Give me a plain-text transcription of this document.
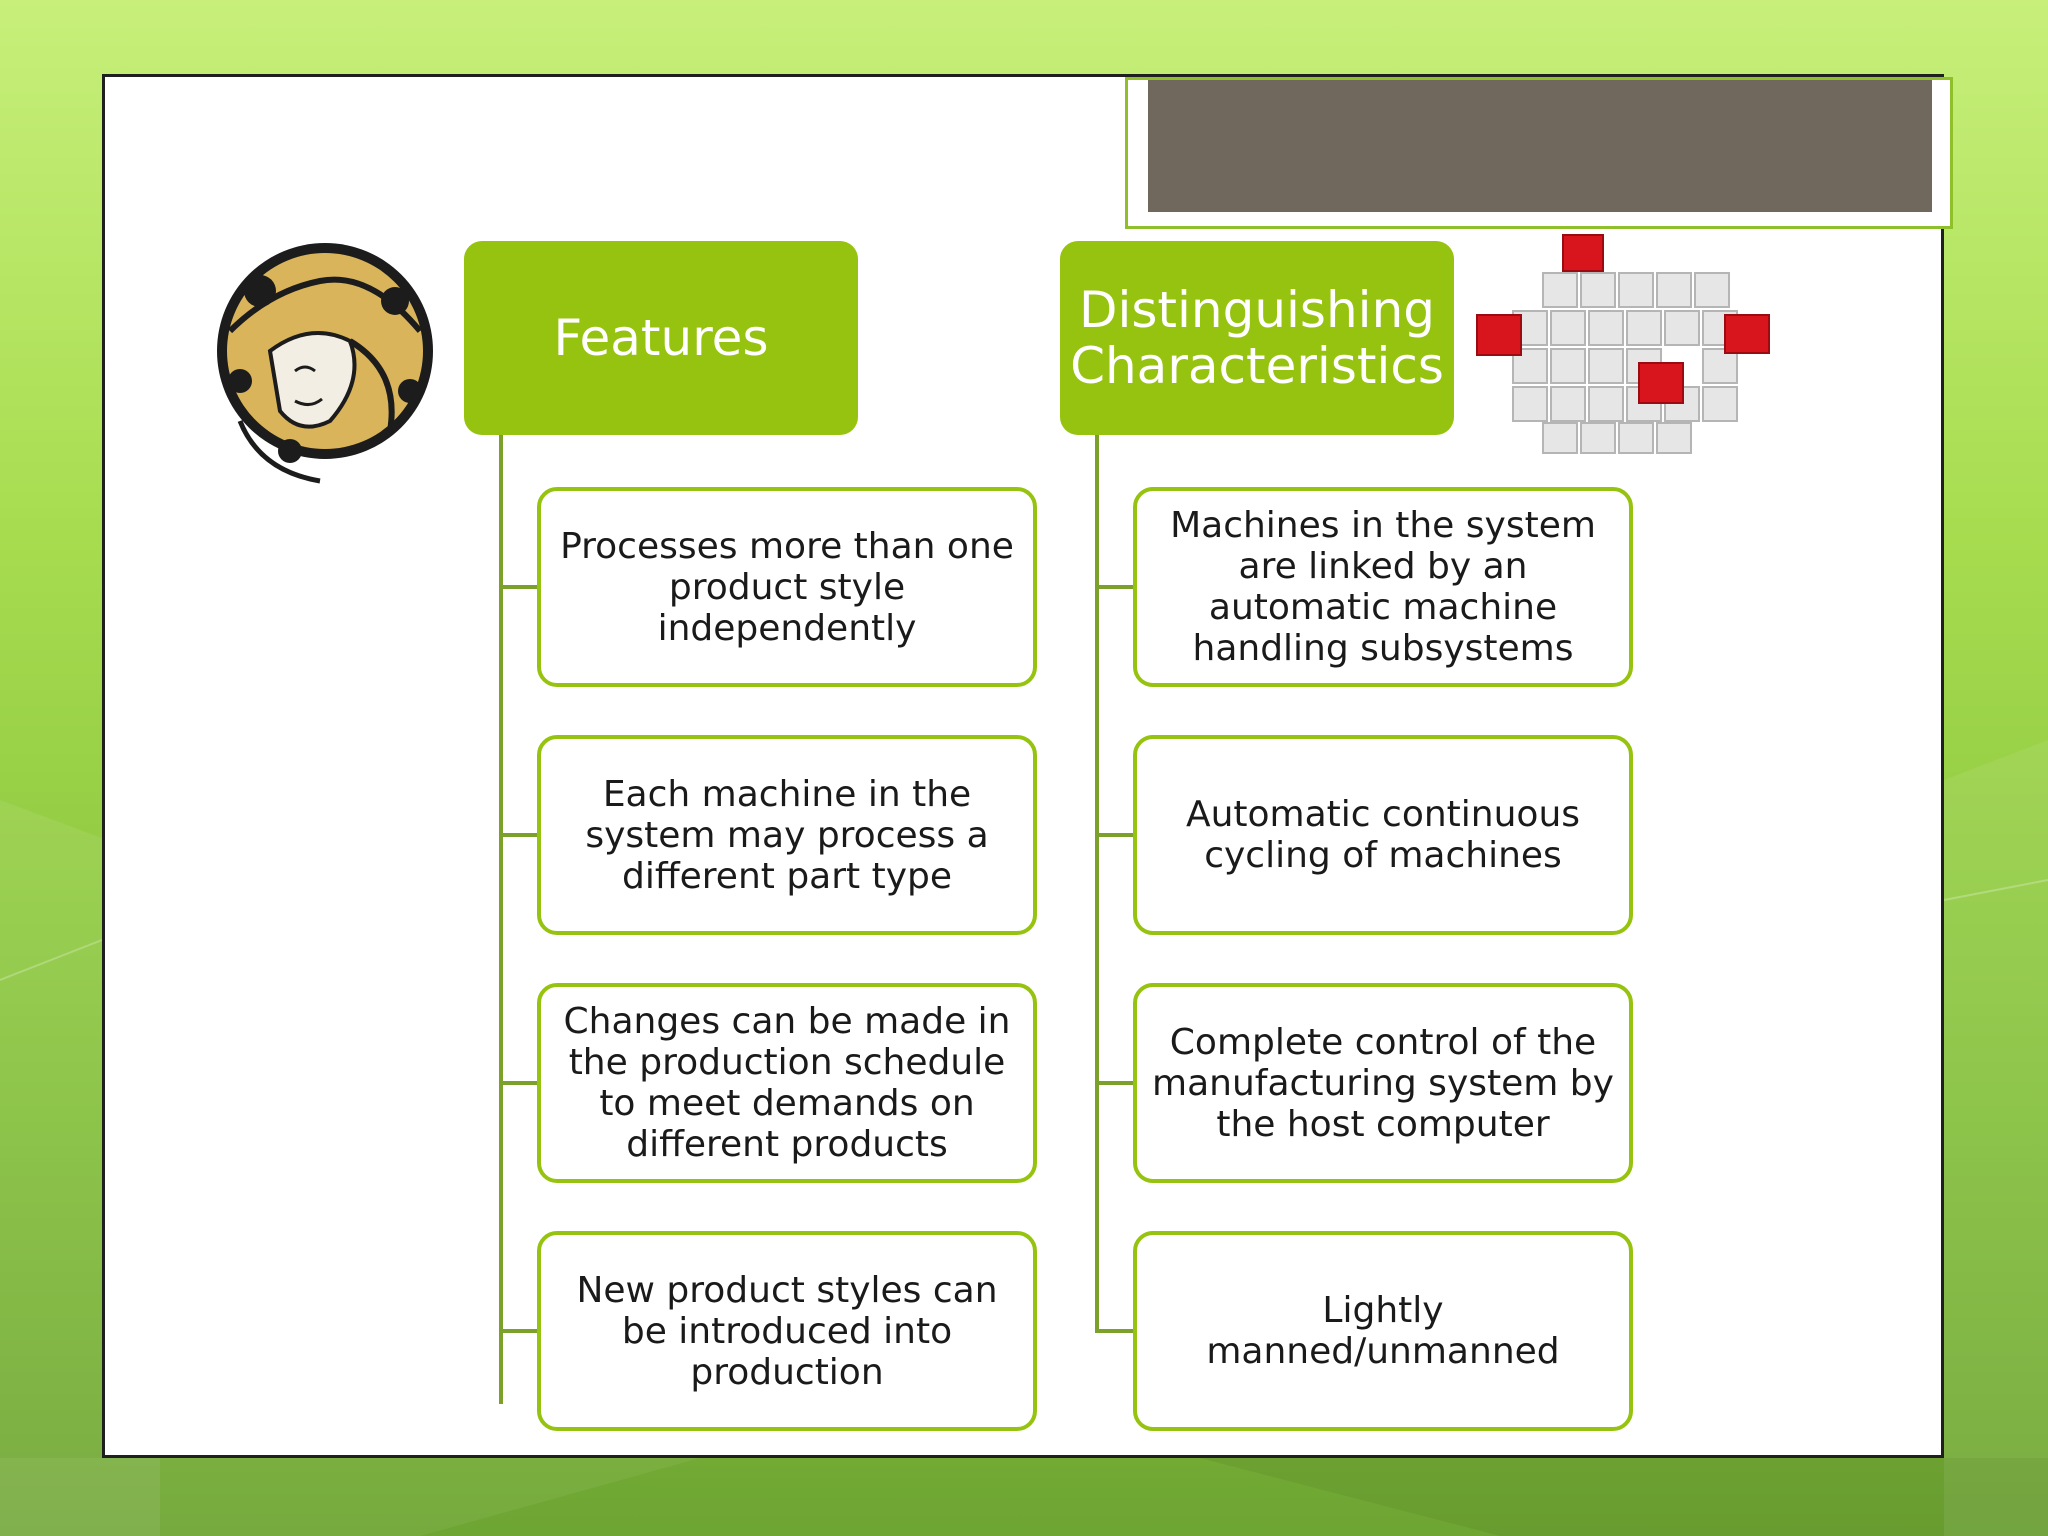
Features	Distinguishing Characteristics
Processes more than one product style independently
Each machine in the system may process a different part type
Changes can be made in the production schedule to meet demands on different products
New product styles can be introduced into production
Machines in the system are linked by an automatic machine handling subsystems
Automatic continuous cycling of machines
Complete control of the manufacturing system by the host computer
Lightly manned/unmanned
